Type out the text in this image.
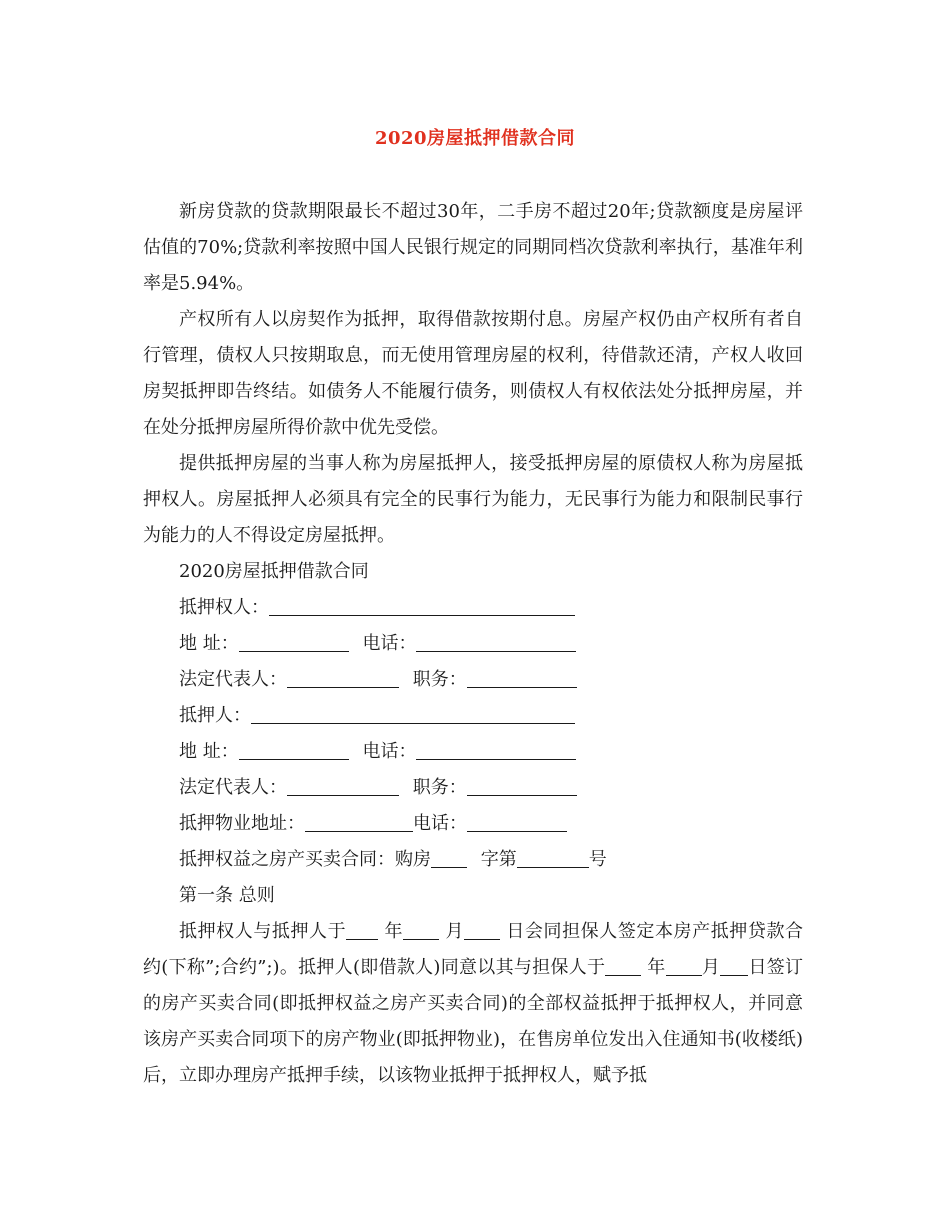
2020房屋抵押借款合同

新房贷款的贷款期限最长不超过30年，二手房不超过20年;贷款额度是房屋评估值的70%;贷款利率按照中国人民银行规定的同期同档次贷款利率执行，基准年利率是5.94%。

产权所有人以房契作为抵押，取得借款按期付息。房屋产权仍由产权所有者自行管理，债权人只按期取息，而无使用管理房屋的权利，待借款还清，产权人收回房契抵押即告终结。如债务人不能履行债务，则债权人有权依法处分抵押房屋，并在处分抵押房屋所得价款中优先受偿。

提供抵押房屋的当事人称为房屋抵押人，接受抵押房屋的原债权人称为房屋抵押权人。房屋抵押人必须具有完全的民事行为能力，无民事行为能力和限制民事行为能力的人不得设定房屋抵押。

2020房屋抵押借款合同
抵押权人：
地 址：	电话：
法定代表人：	职务：
抵押人：
地 址：	电话：
法定代表人：	职务：
抵押物业地址：	电话：
抵押权益之房产买卖合同：购房	字第	号
第一条 总则

抵押权人与抵押人于 年 月 日会同担保人签定本房产抵押贷款合约(下称”;合约”;)。抵押人(即借款人)同意以其与担保人于 年 月 日签订的房产买卖合同(即抵押权益之房产买卖合同)的全部权益抵押于抵押权人，并同意该房产买卖合同项下的房产物业(即抵押物业)，在售房单位发出入住通知书(收楼纸)后，立即办理房产抵押手续，以该物业抵押于抵押权人，赋予抵
